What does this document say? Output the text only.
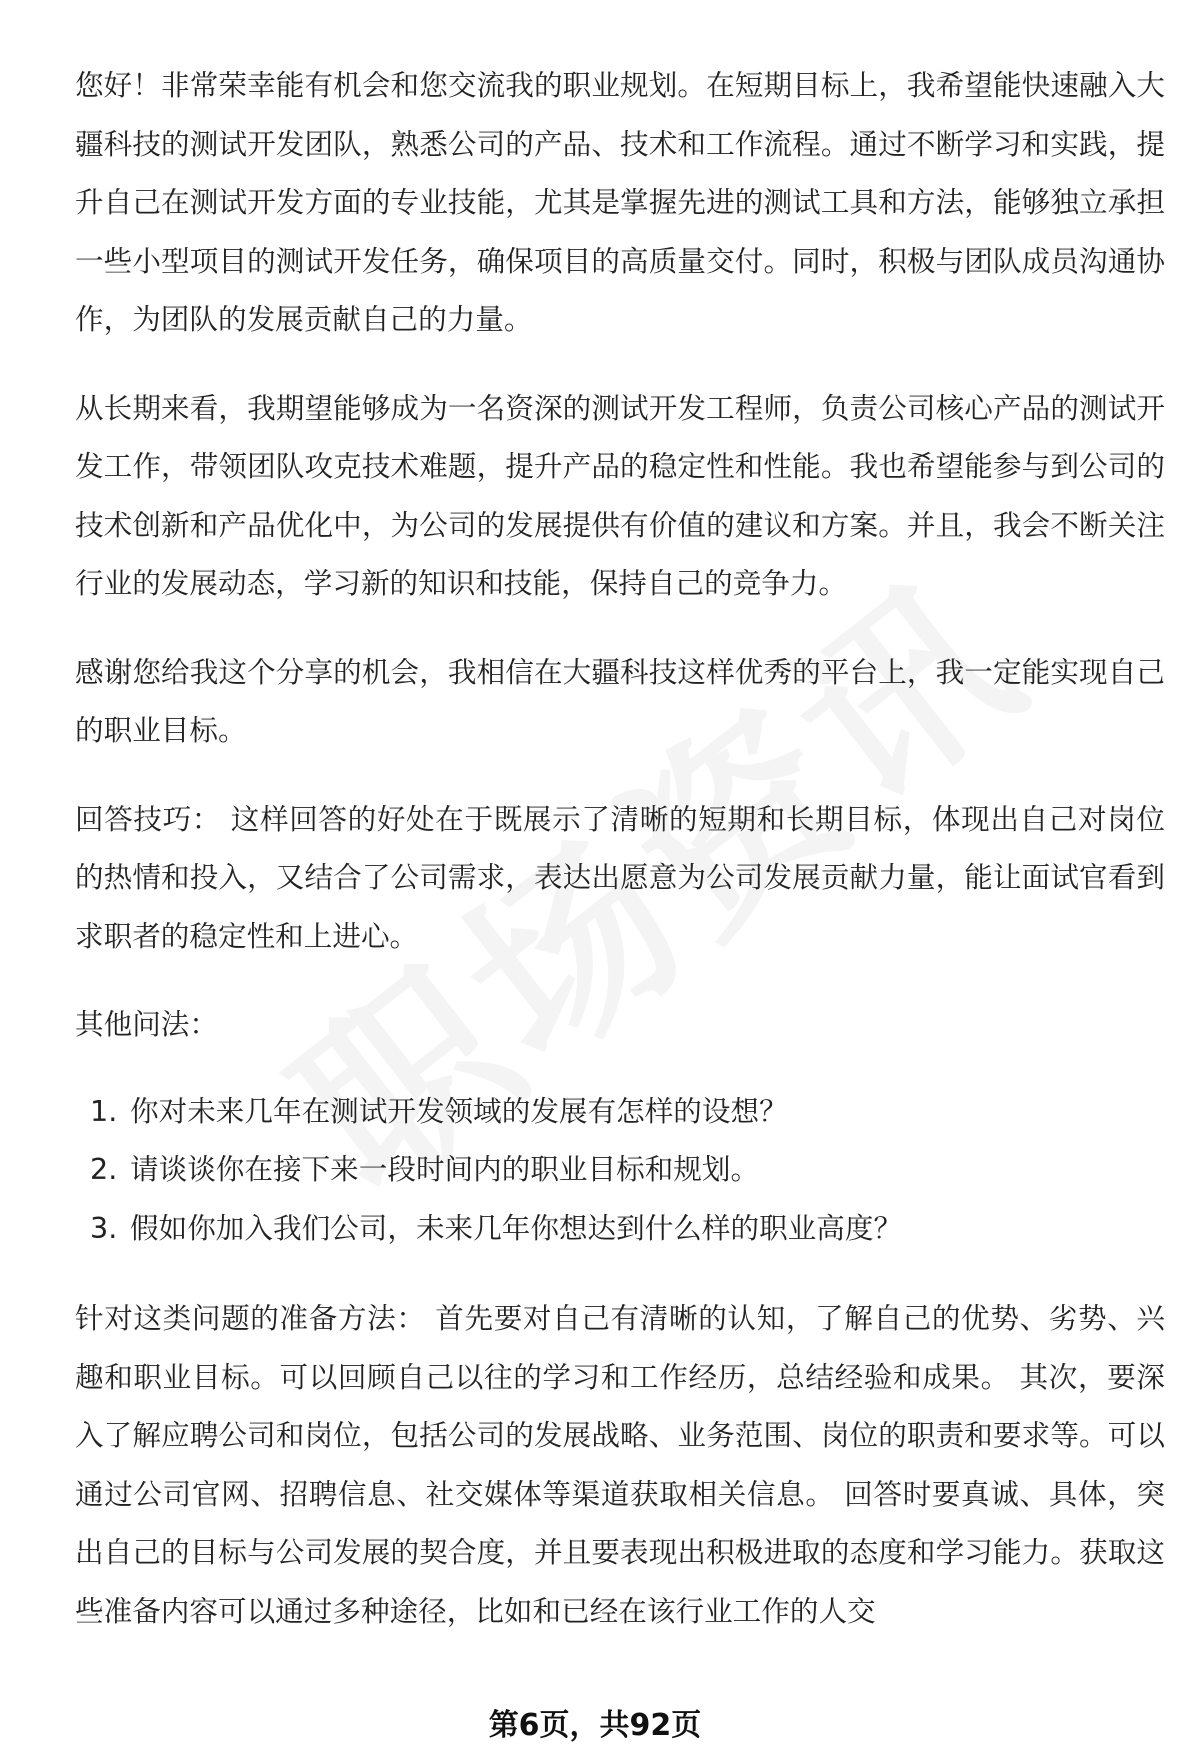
您好！非常荣幸能有机会和您交流我的职业规划。在短期目标上，我希望能快速融入大疆科技的测试开发团队，熟悉公司的产品、技术和工作流程。通过不断学习和实践，提升自己在测试开发方面的专业技能，尤其是掌握先进的测试工具和方法，能够独立承担一些小型项目的测试开发任务，确保项目的高质量交付。同时，积极与团队成员沟通协作，为团队的发展贡献自己的力量。

从长期来看，我期望能够成为一名资深的测试开发工程师，负责公司核心产品的测试开发工作，带领团队攻克技术难题，提升产品的稳定性和性能。我也希望能参与到公司的技术创新和产品优化中，为公司的发展提供有价值的建议和方案。并且，我会不断关注行业的发展动态，学习新的知识和技能，保持自己的竞争力。

感谢您给我这个分享的机会，我相信在大疆科技这样优秀的平台上，我一定能实现自己的职业目标。

回答技巧： 这样回答的好处在于既展示了清晰的短期和长期目标，体现出自己对岗位的热情和投入，又结合了公司需求，表达出愿意为公司发展贡献力量，能让面试官看到求职者的稳定性和上进心。

其他问法：

1. 你对未来几年在测试开发领域的发展有怎样的设想？
2. 请谈谈你在接下来一段时间内的职业目标和规划。
3. 假如你加入我们公司，未来几年你想达到什么样的职业高度？

针对这类问题的准备方法： 首先要对自己有清晰的认知，了解自己的优势、劣势、兴趣和职业目标。可以回顾自己以往的学习和工作经历，总结经验和成果。 其次，要深入了解应聘公司和岗位，包括公司的发展战略、业务范围、岗位的职责和要求等。可以通过公司官网、招聘信息、社交媒体等渠道获取相关信息。 回答时要真诚、具体，突出自己的目标与公司发展的契合度，并且要表现出积极进取的态度和学习能力。获取这些准备内容可以通过多种途径，比如和已经在该行业工作的人交

第6页，共92页
